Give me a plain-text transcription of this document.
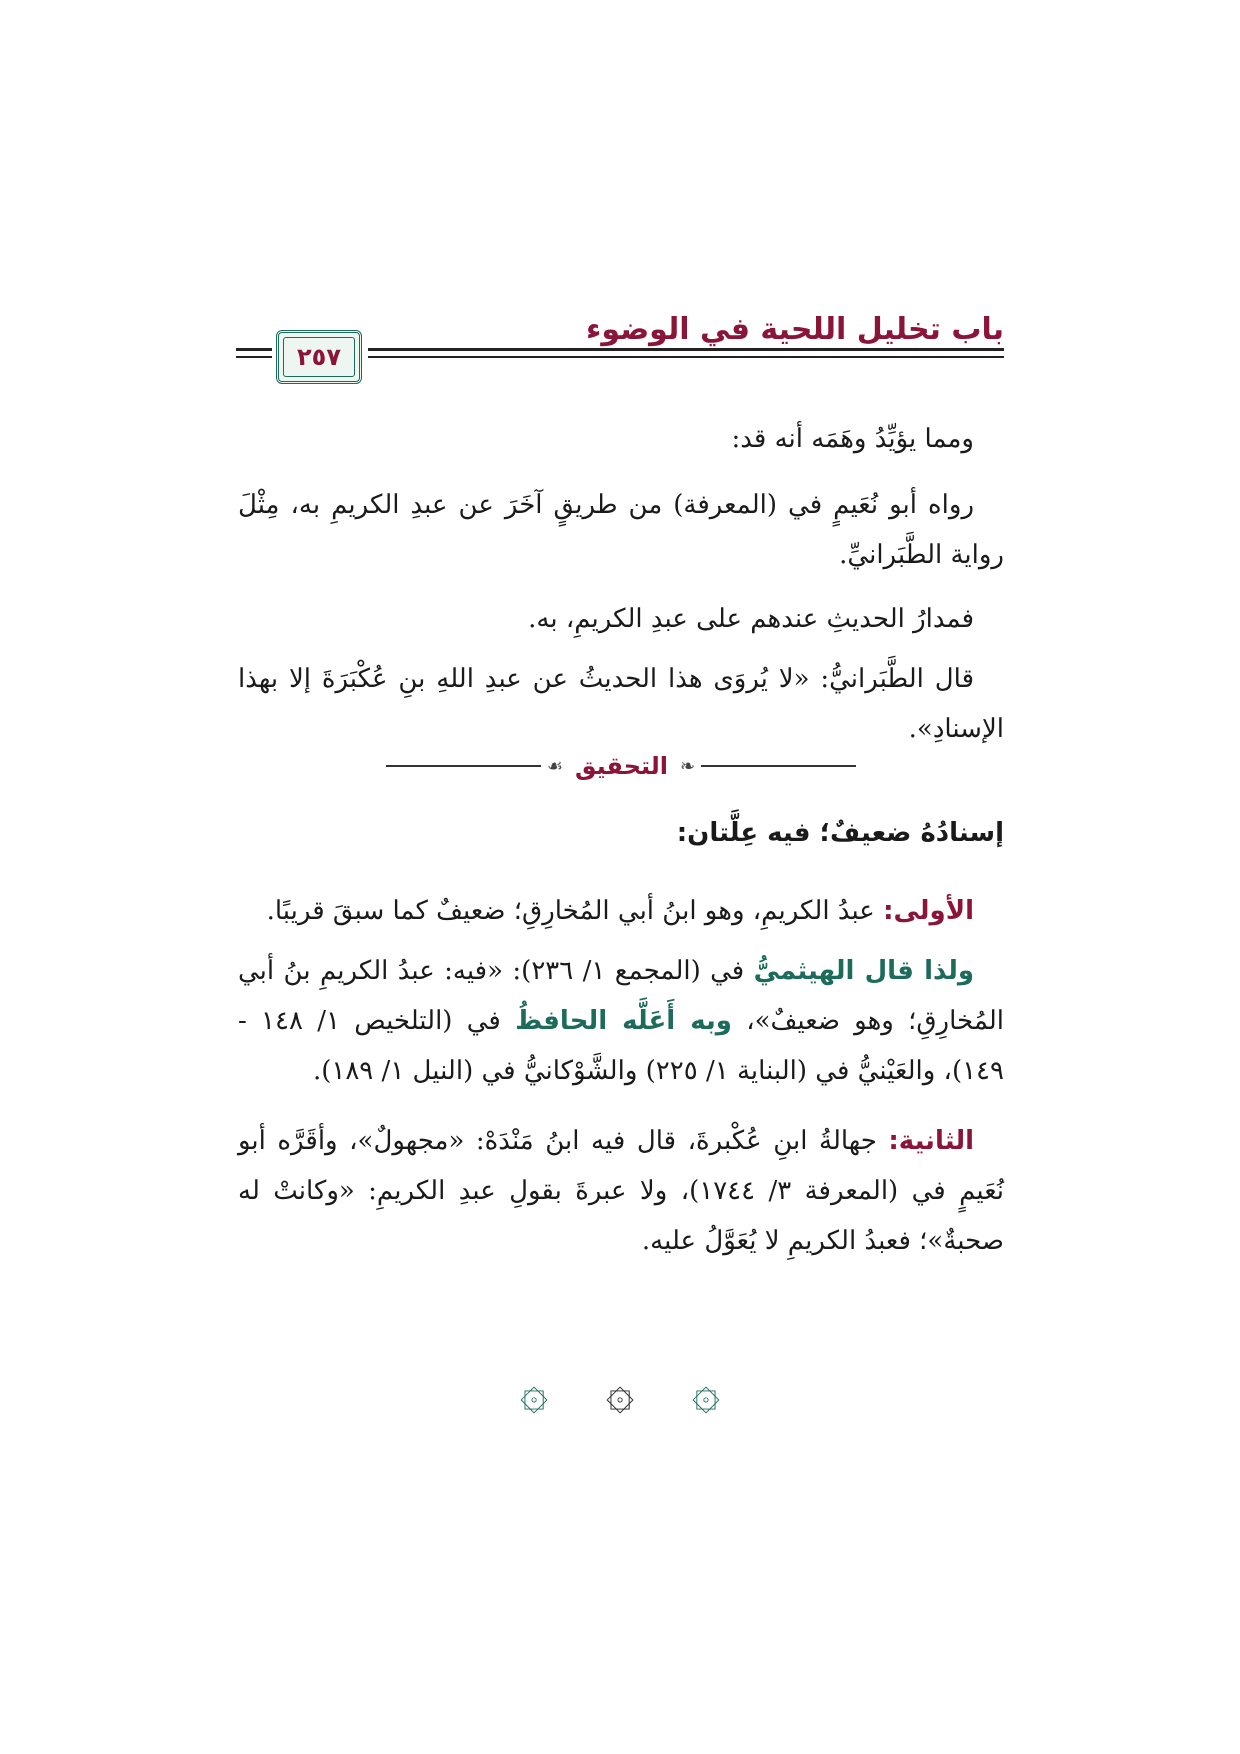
باب تخليل اللحية في الوضوء
٢٥٧
ومما يؤيِّدُ وهَمَه أنه قد:
رواه أبو نُعَيمٍ في (المعرفة) من طريقٍ آخَرَ عن عبدِ الكريمِ به، مِثْلَ رواية الطَّبَرانيِّ.
فمدارُ الحديثِ عندهم على عبدِ الكريمِ، به.
قال الطَّبَرانيُّ: «لا يُروَى هذا الحديثُ عن عبدِ اللهِ بنِ عُكْبَرَةَ إلا بهذا الإسنادِ».
❧
التحقيق
☙
إسنادُهُ ضعيفٌ؛ فيه عِلَّتان:
الأولى: عبدُ الكريمِ، وهو ابنُ أبي المُخارِقِ؛ ضعيفٌ كما سبقَ قريبًا.
ولذا قال الهيثميُّ في (المجمع ١/ ٢٣٦): «فيه: عبدُ الكريمِ بنُ أبي المُخارِقِ؛ وهو ضعيفٌ»، وبه أَعَلَّه الحافظُ في (التلخيص ١/ ١٤٨ - ١٤٩)، والعَيْنيُّ في (البناية ١/ ٢٢٥) والشَّوْكانيُّ في (النيل ١/ ١٨٩).
الثانية: جهالةُ ابنِ عُكْبرةَ، قال فيه ابنُ مَنْدَهْ: «مجهولٌ»، وأقَرَّه أبو نُعَيمٍ في (المعرفة ٣/ ١٧٤٤)، ولا عبرةَ بقولِ عبدِ الكريمِ: «وكانتْ له صحبةٌ»؛ فعبدُ الكريمِ لا يُعَوَّلُ عليه.
۞
۞
۞
